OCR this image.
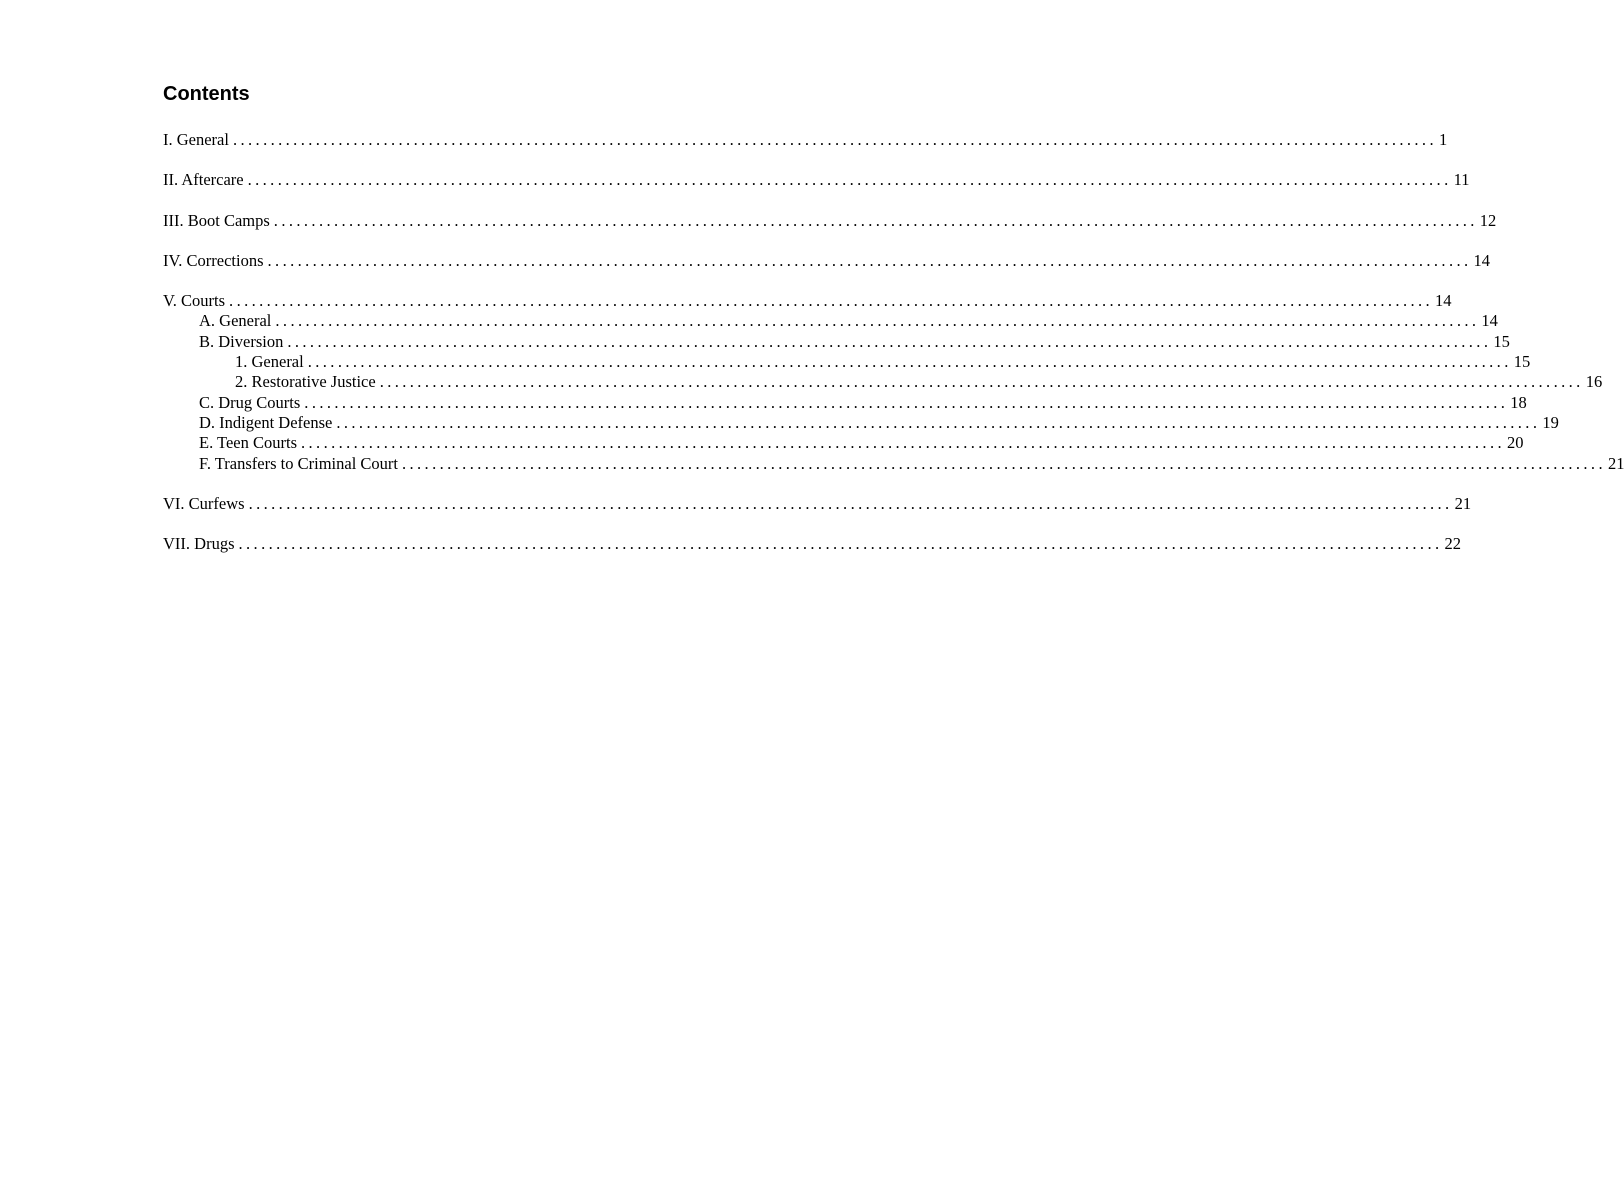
Contents
I. General ................................................................................................................................................................ 1
II. Aftercare ................................................................................................................................................................ 11
III. Boot Camps ................................................................................................................................................................ 12
IV. Corrections ................................................................................................................................................................ 14
V. Courts ................................................................................................................................................................ 14
A. General ................................................................................................................................................................ 14
B. Diversion ................................................................................................................................................................ 15
1. General ................................................................................................................................................................ 15
2. Restorative Justice ................................................................................................................................................................ 16
C. Drug Courts ................................................................................................................................................................ 18
D. Indigent Defense ................................................................................................................................................................ 19
E. Teen Courts ................................................................................................................................................................ 20
F. Transfers to Criminal Court ................................................................................................................................................................ 21
VI. Curfews ................................................................................................................................................................ 21
VII. Drugs ................................................................................................................................................................ 22
